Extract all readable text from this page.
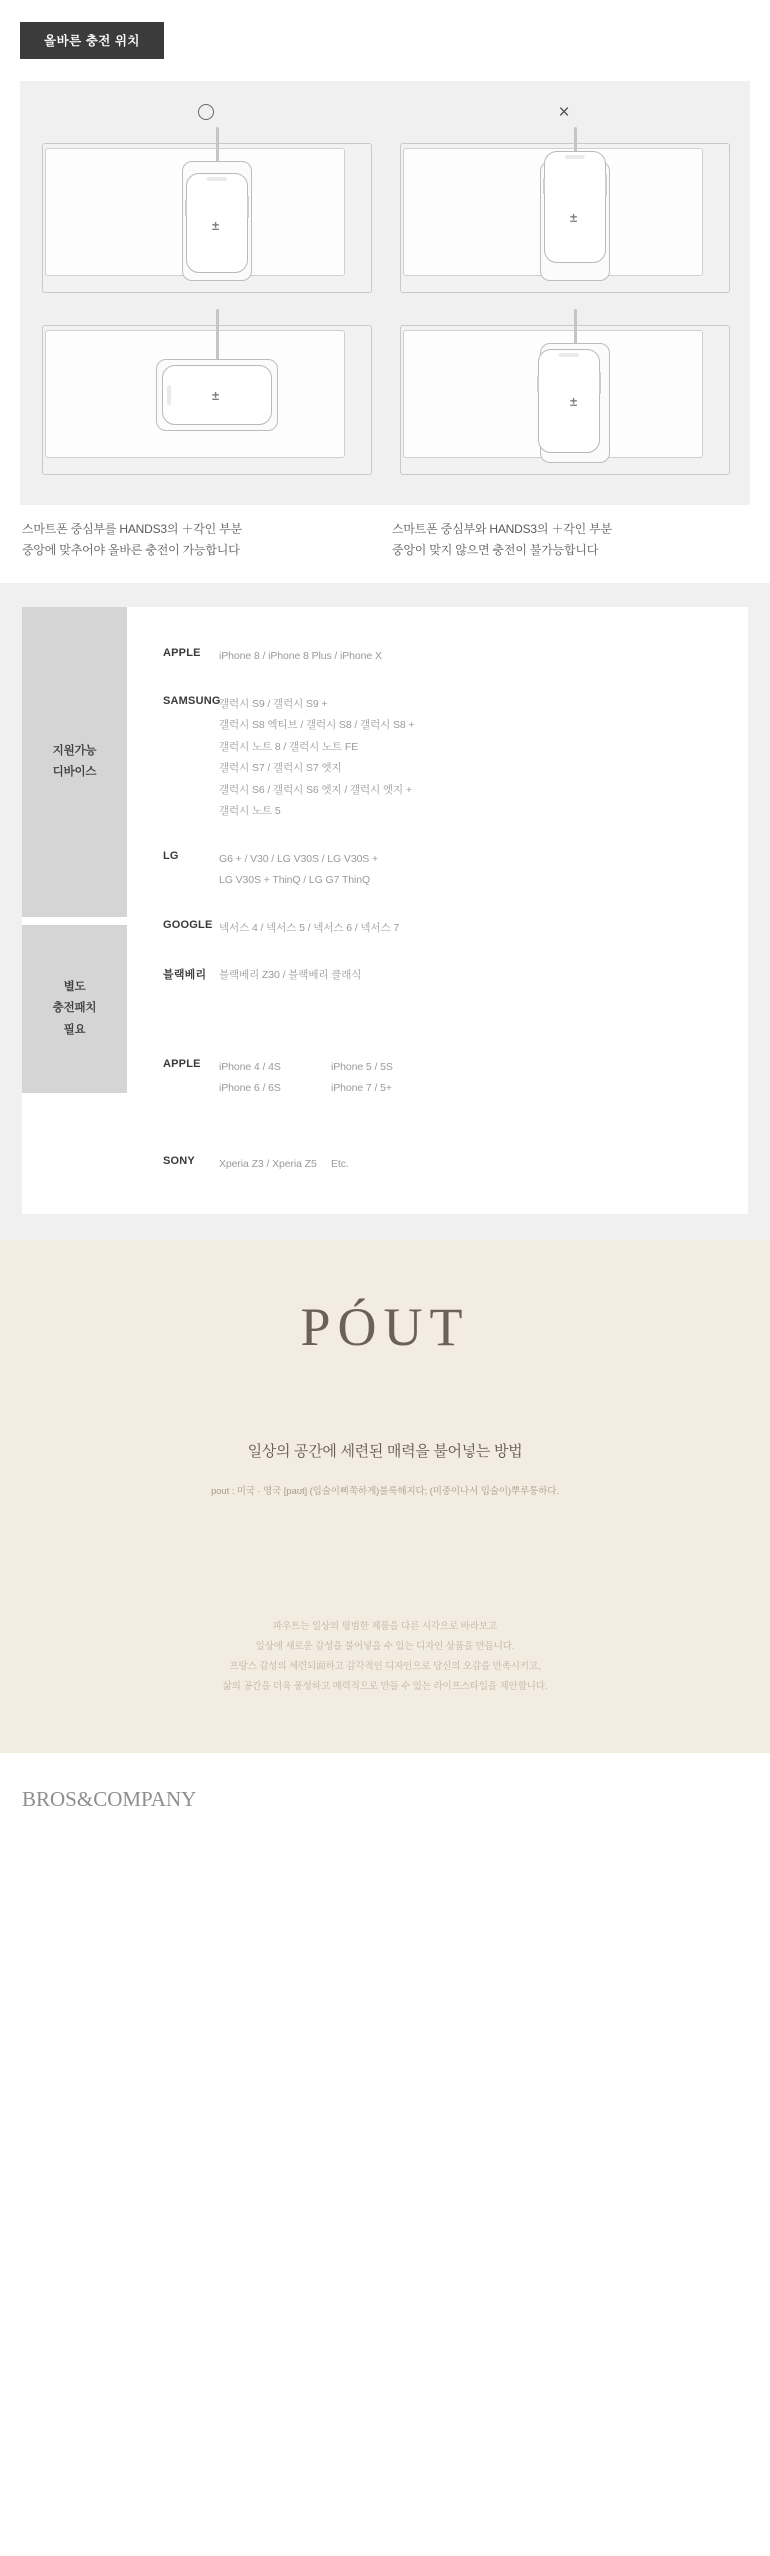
올바른 충전 위치
×
±
±
±	±
스마트폰 중심부를 HANDS3의 ＋각인 부분
중앙에 맞추어야 올바른 충전이 가능합니다
스마트폰 중심부와 HANDS3의 ＋각인 부분
중앙이 맞지 않으면 충전이 불가능합니다
지원가능
디바이스
별도
충전패치
필요
APPLE	iPhone 8 / iPhone 8 Plus / iPhone X
SAMSUNG
갤럭시 S9 / 갤럭시 S9 +
갤럭시 S8 엑티브 / 갤럭시 S8 / 갤럭시 S8 +
갤럭시 노트 8 / 갤럭시 노트 FE
갤럭시 S7 / 갤럭시 S7 엣지
갤럭시 S6 / 갤럭시 S6 엣지 / 갤럭시 엣지 +
갤럭시 노트 5
LG	G6 + / V30 / LG V30S / LG V30S +
LG V30S + ThinQ / LG G7 ThinQ
GOOGLE 넥서스 4 / 넥서스 5 / 넥서스 6 / 넥서스 7
블랙베리	블랙베리 Z30 / 블랙베리 클래식
APPLE	iPhone 4 / 4S	iPhone 5 / 5S
iPhone 6 / 6S	iPhone 7 / 5+
SONY	Xperia Z3 / Xperia Z5	Etc.
PÓUT
일상의 공간에 세련된 매력을 불어넣는 방법
pout : 미국 · 영국 [paʊt] (입술이삐쭉하게)불룩해지다; (미중이나서 입술이)뿌루퉁하다.
파우트는 일상의 평범한 제품을 다른 시각으로 바라보고
일상에 새로운 감성을 불어넣을 수 있는 디자인 상품을 만듭니다.
프랑스 감성의 세련되面하고 감각적인 디자인으로 당신의 오감을 만족시키고,
삶의 공간을 더욱 풍성하고 매력적으로 만들 수 있는 라이프스타일을 제안합니다.
BROS&COMPANY
